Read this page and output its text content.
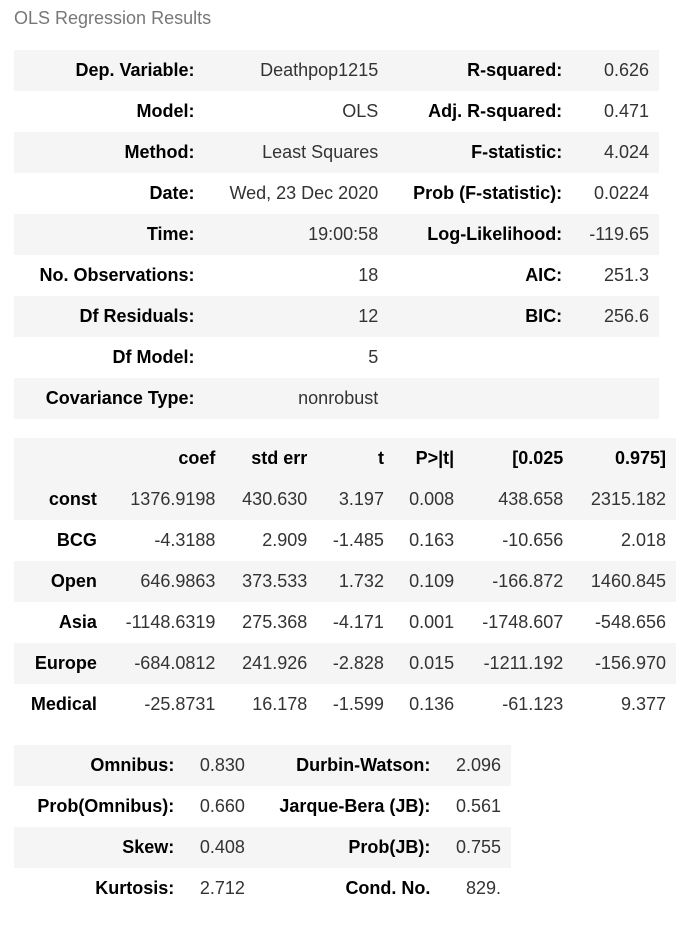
OLS Regression Results
Dep. Variable:	Deathpop1215	R-squared:	0.626
Model:	OLS	Adj. R-squared:	0.471
Method:	Least Squares	F-statistic:	4.024
Date:	Wed, 23 Dec 2020	Prob (F-statistic):	0.0224
Time:	19:00:58	Log-Likelihood:	-119.65
No. Observations:	18	AIC:	251.3
Df Residuals:	12	BIC:	256.6
Df Model:	5		
Covariance Type:	nonrobust		
	coef	std err	t	P>|t|	[0.025	0.975]
const	1376.9198	430.630	3.197	0.008	438.658	2315.182
BCG	-4.3188	2.909	-1.485	0.163	-10.656	2.018
Open	646.9863	373.533	1.732	0.109	-166.872	1460.845
Asia	-1148.6319	275.368	-4.171	0.001	-1748.607	-548.656
Europe	-684.0812	241.926	-2.828	0.015	-1211.192	-156.970
Medical	-25.8731	16.178	-1.599	0.136	-61.123	9.377
Omnibus:	0.830	Durbin-Watson:	2.096
Prob(Omnibus):	0.660	Jarque-Bera (JB):	0.561
Skew:	0.408	Prob(JB):	0.755
Kurtosis:	2.712	Cond. No.	829.
